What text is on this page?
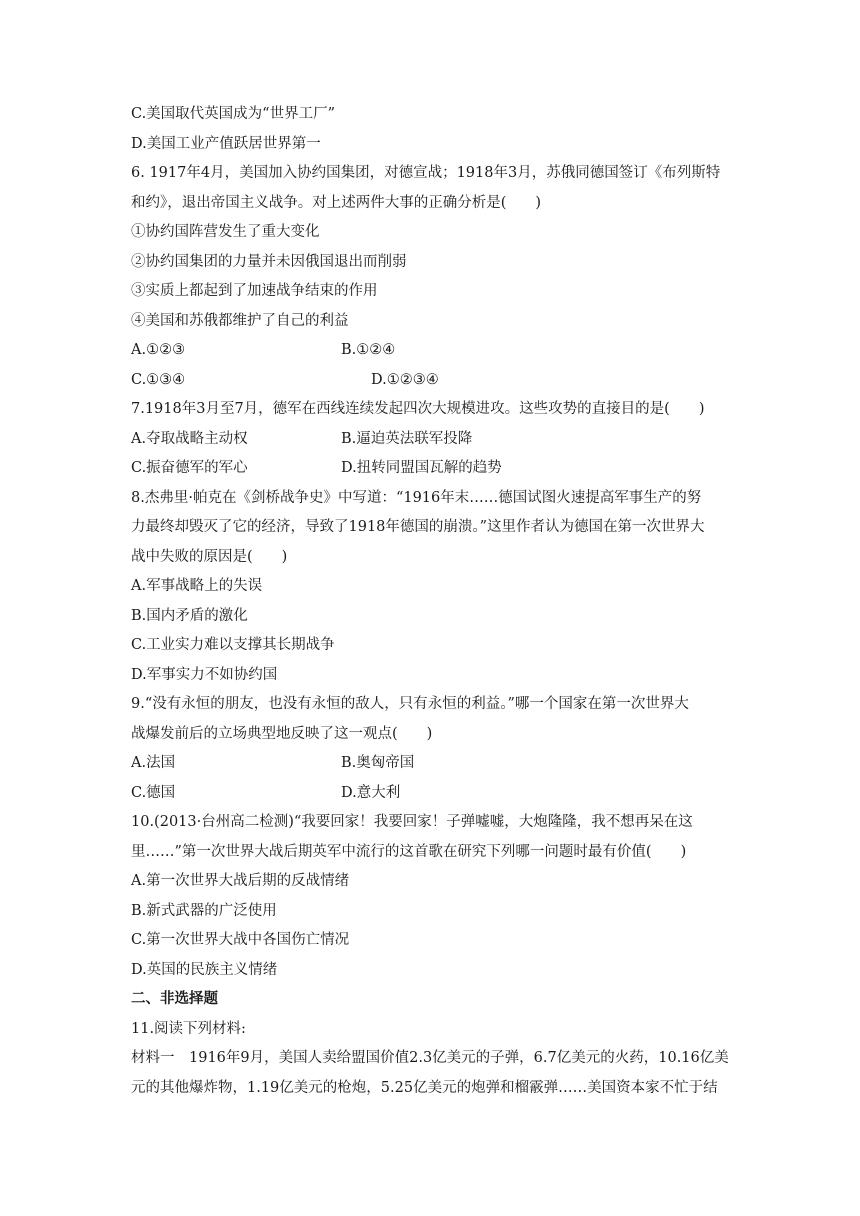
C.美国取代英国成为“世界工厂”
D.美国工业产值跃居世界第一
6. 1917年4月，美国加入协约国集团，对德宣战；1918年3月，苏俄同德国签订《布列斯特
和约》，退出帝国主义战争。对上述两件大事的正确分析是(　　)
①协约国阵营发生了重大变化
②协约国集团的力量并未因俄国退出而削弱
③实质上都起到了加速战争结束的作用
④美国和苏俄都维护了自己的利益
A.①②③	B.①②④
C.①③④	D.①②③④
7.1918年3月至7月，德军在西线连续发起四次大规模进攻。这些攻势的直接目的是(　　)
A.夺取战略主动权	B.逼迫英法联军投降
C.振奋德军的军心	D.扭转同盟国瓦解的趋势
8.杰弗里·帕克在《剑桥战争史》中写道：“1916年末……德国试图火速提高军事生产的努
力最终却毁灭了它的经济，导致了1918年德国的崩溃。”这里作者认为德国在第一次世界大
战中失败的原因是(　　)
A.军事战略上的失误
B.国内矛盾的激化
C.工业实力难以支撑其长期战争
D.军事实力不如协约国
9.“没有永恒的朋友，也没有永恒的敌人，只有永恒的利益。”哪一个国家在第一次世界大
战爆发前后的立场典型地反映了这一观点(　　)
A.法国	B.奥匈帝国
C.德国	D.意大利
10.(2013·台州高二检测)“我要回家！我要回家！子弹嘘嘘，大炮隆隆，我不想再呆在这
里……”第一次世界大战后期英军中流行的这首歌在研究下列哪一问题时最有价值(　　)
A.第一次世界大战后期的反战情绪
B.新式武器的广泛使用
C.第一次世界大战中各国伤亡情况
D.英国的民族主义情绪
二、非选择题
11.阅读下列材料:
材料一　1916年9月，美国人卖给盟国价值2.3亿美元的子弹，6.7亿美元的火药，10.16亿美
元的其他爆炸物，1.19亿美元的枪炮，5.25亿美元的炮弹和榴霰弹……美国资本家不忙于结
